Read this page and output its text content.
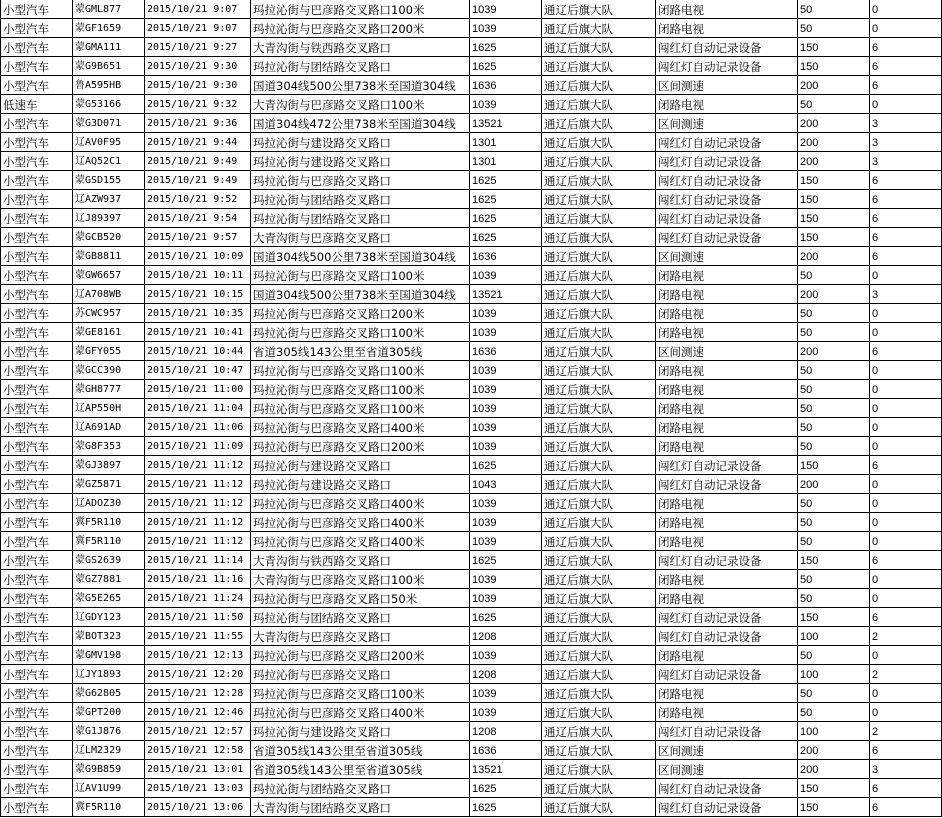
小型汽车	蒙GML877	2015/10/21 9:07	玛拉沁街与巴彦路交叉路口100米	1039	通辽后旗大队	闭路电视	50	0
小型汽车	蒙GF1659	2015/10/21 9:07	玛拉沁街与巴彦路交叉路口200米	1039	通辽后旗大队	闭路电视	50	0
小型汽车	蒙GMA111	2015/10/21 9:27	大青沟街与铁西路交叉路口	1625	通辽后旗大队	闯红灯自动记录设备	150	6
小型汽车	蒙G9B651	2015/10/21 9:30	玛拉沁街与团结路交叉路口	1625	通辽后旗大队	闯红灯自动记录设备	150	6
小型汽车	鲁A595HB	2015/10/21 9:30	国道304线500公里738米至国道304线	1636	通辽后旗大队	区间测速	200	6
低速车	蒙G53166	2015/10/21 9:32	大青沟街与巴彦路交叉路口100米	1039	通辽后旗大队	闭路电视	50	0
小型汽车	蒙G3D071	2015/10/21 9:36	国道304线472公里738米至国道304线	13521	通辽后旗大队	区间测速	200	3
小型汽车	辽AV0F95	2015/10/21 9:44	玛拉沁街与建设路交叉路口	1301	通辽后旗大队	闯红灯自动记录设备	200	3
小型汽车	辽AQ52C1	2015/10/21 9:49	玛拉沁街与建设路交叉路口	1301	通辽后旗大队	闯红灯自动记录设备	200	3
小型汽车	蒙GSD155	2015/10/21 9:49	玛拉沁街与巴彦路交叉路口	1625	通辽后旗大队	闯红灯自动记录设备	150	6
小型汽车	辽AZW937	2015/10/21 9:52	玛拉沁街与团结路交叉路口	1625	通辽后旗大队	闯红灯自动记录设备	150	6
小型汽车	辽J89397	2015/10/21 9:54	玛拉沁街与团结路交叉路口	1625	通辽后旗大队	闯红灯自动记录设备	150	6
小型汽车	蒙GCB520	2015/10/21 9:57	大青沟街与巴彦路交叉路口	1625	通辽后旗大队	闯红灯自动记录设备	150	6
小型汽车	蒙GB8811	2015/10/21 10:09	国道304线500公里738米至国道304线	1636	通辽后旗大队	区间测速	200	6
小型汽车	蒙GW6657	2015/10/21 10:11	玛拉沁街与巴彦路交叉路口100米	1039	通辽后旗大队	闭路电视	50	0
小型汽车	辽A708WB	2015/10/21 10:15	国道304线500公里738米至国道304线	13521	通辽后旗大队	闭路电视	200	3
小型汽车	苏CWC957	2015/10/21 10:35	玛拉沁街与巴彦路交叉路口200米	1039	通辽后旗大队	闭路电视	50	0
小型汽车	蒙GE8161	2015/10/21 10:41	玛拉沁街与巴彦路交叉路口100米	1039	通辽后旗大队	闭路电视	50	0
小型汽车	蒙GFY055	2015/10/21 10:44	省道305线143公里至省道305线	1636	通辽后旗大队	区间测速	200	6
小型汽车	蒙GCC390	2015/10/21 10:47	玛拉沁街与巴彦路交叉路口100米	1039	通辽后旗大队	闭路电视	50	0
小型汽车	蒙GH8777	2015/10/21 11:00	玛拉沁街与巴彦路交叉路口100米	1039	通辽后旗大队	闭路电视	50	0
小型汽车	辽AP550H	2015/10/21 11:04	玛拉沁街与巴彦路交叉路口100米	1039	通辽后旗大队	闭路电视	50	0
小型汽车	辽A691AD	2015/10/21 11:06	玛拉沁街与巴彦路交叉路口400米	1039	通辽后旗大队	闭路电视	50	0
小型汽车	蒙G8F353	2015/10/21 11:09	玛拉沁街与巴彦路交叉路口200米	1039	通辽后旗大队	闭路电视	50	0
小型汽车	蒙GJ3897	2015/10/21 11:12	玛拉沁街与建设路交叉路口	1625	通辽后旗大队	闯红灯自动记录设备	150	6
小型汽车	蒙GZ5871	2015/10/21 11:12	玛拉沁街与建设路交叉路口	1043	通辽后旗大队	闯红灯自动记录设备	200	0
小型汽车	辽ADOZ30	2015/10/21 11:12	玛拉沁街与巴彦路交叉路口400米	1039	通辽后旗大队	闭路电视	50	0
小型汽车	冀F5R110	2015/10/21 11:12	玛拉沁街与巴彦路交叉路口400米	1039	通辽后旗大队	闭路电视	50	0
小型汽车	冀F5R110	2015/10/21 11:12	玛拉沁街与巴彦路交叉路口400米	1039	通辽后旗大队	闭路电视	50	0
小型汽车	蒙GS2639	2015/10/21 11:14	大青沟街与铁西路交叉路口	1625	通辽后旗大队	闯红灯自动记录设备	150	6
小型汽车	蒙GZ7881	2015/10/21 11:16	大青沟街与巴彦路交叉路口100米	1039	通辽后旗大队	闭路电视	50	0
小型汽车	蒙G5E265	2015/10/21 11:24	玛拉沁街与巴彦路交叉路口50米	1039	通辽后旗大队	闭路电视	50	0
小型汽车	辽GDY123	2015/10/21 11:50	玛拉沁街与团结路交叉路口	1625	通辽后旗大队	闯红灯自动记录设备	150	6
小型汽车	蒙BOT323	2015/10/21 11:55	大青沟街与巴彦路交叉路口	1208	通辽后旗大队	闯红灯自动记录设备	100	2
小型汽车	蒙GMV198	2015/10/21 12:13	玛拉沁街与巴彦路交叉路口200米	1039	通辽后旗大队	闭路电视	50	0
小型汽车	辽JY1893	2015/10/21 12:20	玛拉沁街与巴彦路交叉路口	1208	通辽后旗大队	闯红灯自动记录设备	100	2
小型汽车	蒙G62805	2015/10/21 12:28	玛拉沁街与巴彦路交叉路口100米	1039	通辽后旗大队	闭路电视	50	0
小型汽车	蒙GPT200	2015/10/21 12:46	玛拉沁街与巴彦路交叉路口400米	1039	通辽后旗大队	闭路电视	50	0
小型汽车	蒙G1J876	2015/10/21 12:57	玛拉沁街与建设路交叉路口	1208	通辽后旗大队	闯红灯自动记录设备	100	2
小型汽车	辽LM2329	2015/10/21 12:58	省道305线143公里至省道305线	1636	通辽后旗大队	区间测速	200	6
小型汽车	蒙G9B859	2015/10/21 13:01	省道305线143公里至省道305线	13521	通辽后旗大队	区间测速	200	3
小型汽车	辽AV1U99	2015/10/21 13:03	玛拉沁街与团结路交叉路口	1625	通辽后旗大队	闯红灯自动记录设备	150	6
小型汽车	冀F5R110	2015/10/21 13:06	大青沟街与团结路交叉路口	1625	通辽后旗大队	闯红灯自动记录设备	150	6
